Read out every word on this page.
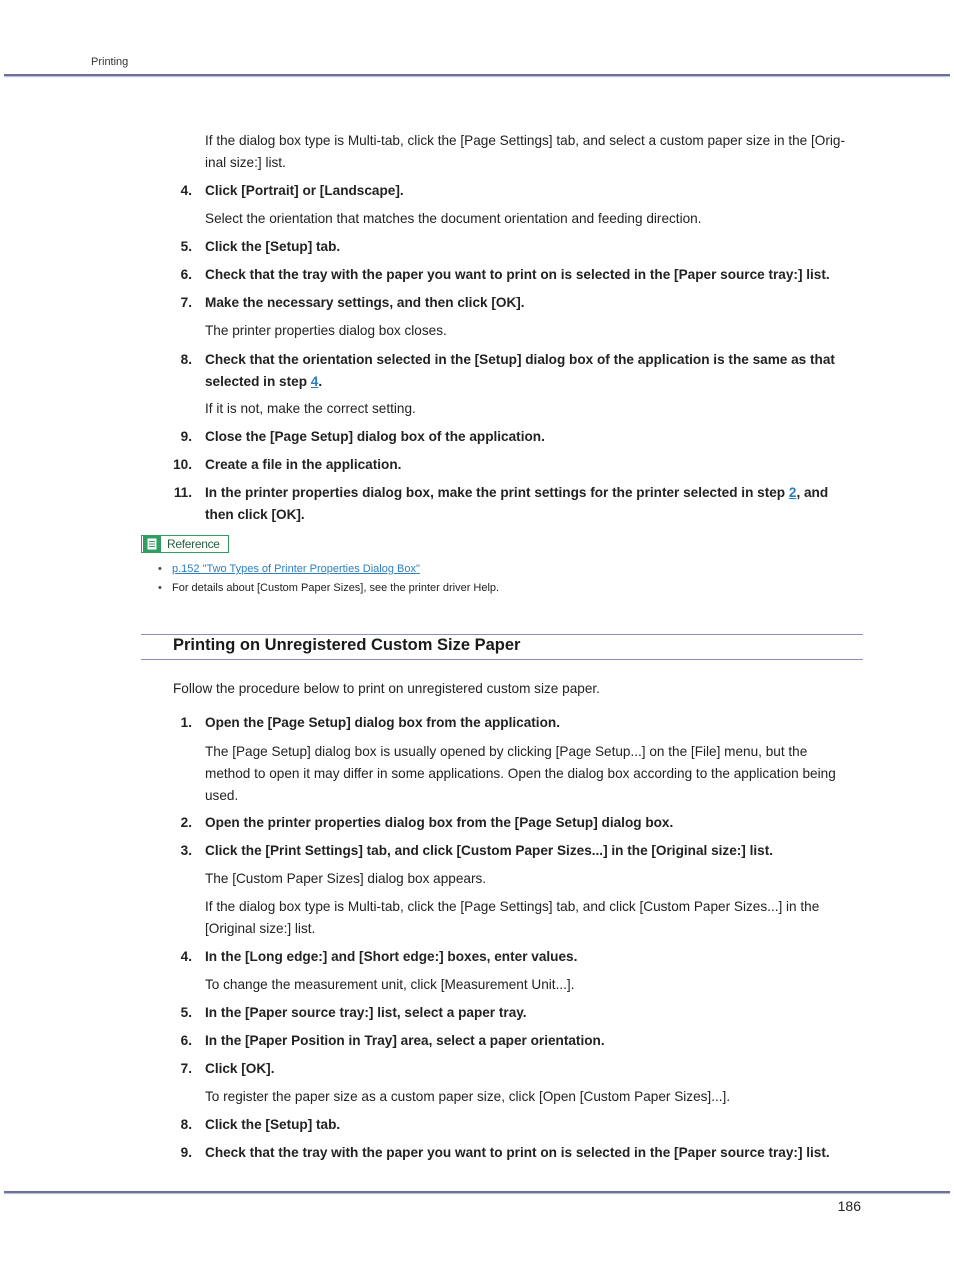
Printing
If the dialog box type is Multi-tab, click the [Page Settings] tab, and select a custom paper size in the [Orig-
inal size:] list.
4. Click [Portrait] or [Landscape].
Select the orientation that matches the document orientation and feeding direction.
5. Click the [Setup] tab.
6. Check that the tray with the paper you want to print on is selected in the [Paper source tray:] list.
7. Make the necessary settings, and then click [OK].
The printer properties dialog box closes.
8. Check that the orientation selected in the [Setup] dialog box of the application is the same as that
selected in step 4.
If it is not, make the correct setting.
9. Close the [Page Setup] dialog box of the application.
10. Create a file in the application.
11. In the printer properties dialog box, make the print settings for the printer selected in step 2, and
then click [OK].
Reference
• p.152 "Two Types of Printer Properties Dialog Box"
• For details about [Custom Paper Sizes], see the printer driver Help.
Printing on Unregistered Custom Size Paper
Follow the procedure below to print on unregistered custom size paper.
1. Open the [Page Setup] dialog box from the application.
The [Page Setup] dialog box is usually opened by clicking [Page Setup...] on the [File] menu, but the
method to open it may differ in some applications. Open the dialog box according to the application being
used.
2. Open the printer properties dialog box from the [Page Setup] dialog box.
3. Click the [Print Settings] tab, and click [Custom Paper Sizes...] in the [Original size:] list.
The [Custom Paper Sizes] dialog box appears.
If the dialog box type is Multi-tab, click the [Page Settings] tab, and click [Custom Paper Sizes...] in the
[Original size:] list.
4. In the [Long edge:] and [Short edge:] boxes, enter values.
To change the measurement unit, click [Measurement Unit...].
5. In the [Paper source tray:] list, select a paper tray.
6. In the [Paper Position in Tray] area, select a paper orientation.
7. Click [OK].
To register the paper size as a custom paper size, click [Open [Custom Paper Sizes]...].
8. Click the [Setup] tab.
9. Check that the tray with the paper you want to print on is selected in the [Paper source tray:] list.
186
